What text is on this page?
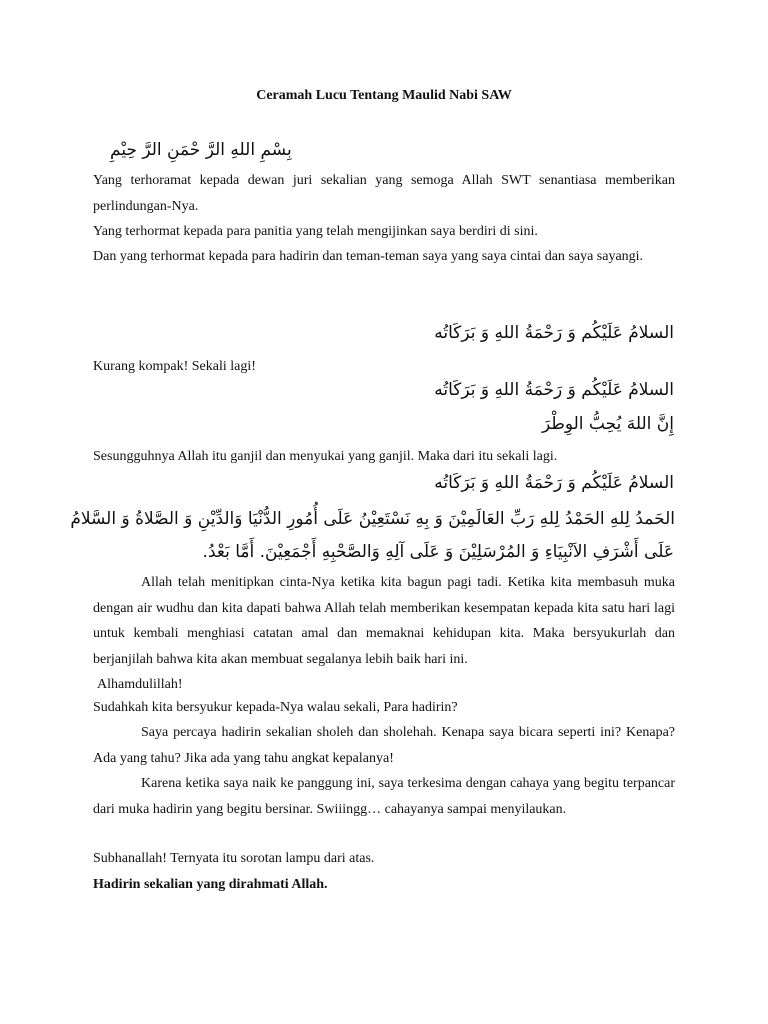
Ceramah Lucu Tentang Maulid Nabi SAW
بِسْمِ اللهِ الرَّ حْمَنِ الرَّ حِيْمِ

Yang terhoramat kepada dewan juri sekalian yang semoga Allah SWT senantiasa memberikan perlindungan-Nya.

Yang terhormat kepada para panitia yang telah mengijinkan saya berdiri di sini.

Dan yang terhormat kepada para hadirin dan teman-teman saya yang saya cintai dan saya sayangi.

السلامُ عَلَيْكُم وَ رَحْمَةُ اللهِ وَ بَرَكَاتُه

Kurang kompak! Sekali lagi!

السلامُ عَلَيْكُم وَ رَحْمَةُ اللهِ وَ بَرَكَاتُه
إِنَّ اللهَ يُحِبُّ الوِطْرَ

Sesungguhnya Allah itu ganjil dan menyukai yang ganjil. Maka dari itu sekali lagi.

السلامُ عَلَيْكُم وَ رَحْمَةُ اللهِ وَ بَرَكَاتُه
الحَمدُ لِلهِ الحَمْدُ لِلهِ رَبِّ العَالَمِيْنَ وَ بِهِ نَسْتَعِيْنُ عَلَى أُمُورِ الدُّنْيَا وَالدِّيْنِ وَ الصَّلاةُ وَ السَّلامُ
عَلَى أَشْرَفِ الاَنْبِيَاءِ وَ المُرْسَلِيْنَ وَ عَلَى آلِهِ وَالصَّحْبِهِ أَجْمَعِيْنَ. أَمَّا بَعْدُ.

Allah telah menitipkan cinta-Nya ketika kita bagun pagi tadi. Ketika kita membasuh muka dengan air wudhu dan kita dapati bahwa Allah telah memberikan kesempatan kepada kita satu hari lagi untuk kembali menghiasi catatan amal dan memaknai kehidupan kita. Maka bersyukurlah dan berjanjilah bahwa kita akan membuat segalanya lebih baik hari ini.

Alhamdulillah!

Sudahkah kita bersyukur kepada-Nya walau sekali, Para hadirin?

Saya percaya hadirin sekalian sholeh dan sholehah. Kenapa saya bicara seperti ini? Kenapa? Ada yang tahu? Jika ada yang tahu angkat kepalanya!

Karena ketika saya naik ke panggung ini, saya terkesima dengan cahaya yang begitu terpancar dari muka hadirin yang begitu bersinar. Swiiingg… cahayanya sampai menyilaukan.

Subhanallah! Ternyata itu sorotan lampu dari atas.

Hadirin sekalian yang dirahmati Allah.
